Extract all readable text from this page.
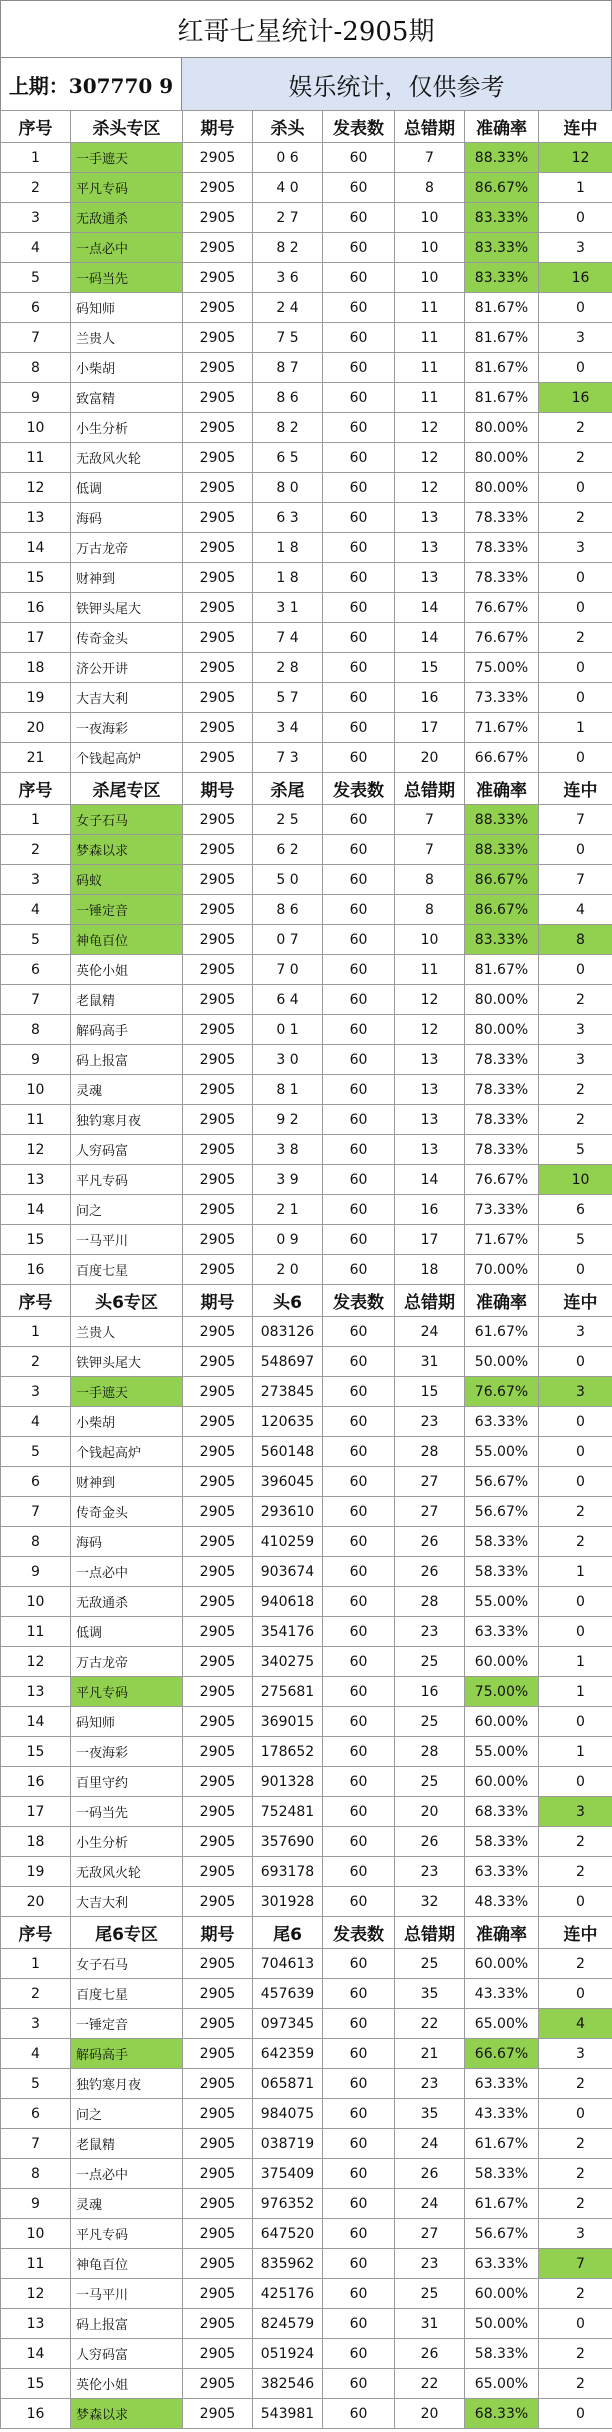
红哥七星统计-2905期
上期：307770 9	娱乐统计，仅供参考
序号	杀头专区	期号	杀头	发表数	总错期	准确率	连中
1	一手遮天	2905	0 6	60	7	88.33%	12
2	平凡专码	2905	4 0	60	8	86.67%	1
3	无敌通杀	2905	2 7	60	10	83.33%	0
4	一点必中	2905	8 2	60	10	83.33%	3
5	一码当先	2905	3 6	60	10	83.33%	16
6	码知师	2905	2 4	60	11	81.67%	0
7	兰贵人	2905	7 5	60	11	81.67%	3
8	小柴胡	2905	8 7	60	11	81.67%	0
9	致富精	2905	8 6	60	11	81.67%	16
10	小生分析	2905	8 2	60	12	80.00%	2
11	无敌风火轮	2905	6 5	60	12	80.00%	2
12	低调	2905	8 0	60	12	80.00%	0
13	海码	2905	6 3	60	13	78.33%	2
14	万古龙帝	2905	1 8	60	13	78.33%	3
15	财神到	2905	1 8	60	13	78.33%	0
16	铁钾头尾大	2905	3 1	60	14	76.67%	0
17	传奇金头	2905	7 4	60	14	76.67%	2
18	济公开讲	2905	2 8	60	15	75.00%	0
19	大吉大利	2905	5 7	60	16	73.33%	0
20	一夜海彩	2905	3 4	60	17	71.67%	1
21	个钱起高炉	2905	7 3	60	20	66.67%	0
序号	杀尾专区	期号	杀尾	发表数	总错期	准确率	连中
1	女子石马	2905	2 5	60	7	88.33%	7
2	梦森以求	2905	6 2	60	7	88.33%	0
3	码蚁	2905	5 0	60	8	86.67%	7
4	一锤定音	2905	8 6	60	8	86.67%	4
5	神龟百位	2905	0 7	60	10	83.33%	8
6	英伦小姐	2905	7 0	60	11	81.67%	0
7	老鼠精	2905	6 4	60	12	80.00%	2
8	解码高手	2905	0 1	60	12	80.00%	3
9	码上报富	2905	3 0	60	13	78.33%	3
10	灵魂	2905	8 1	60	13	78.33%	2
11	独钓寒月夜	2905	9 2	60	13	78.33%	2
12	人穷码富	2905	3 8	60	13	78.33%	5
13	平凡专码	2905	3 9	60	14	76.67%	10
14	问之	2905	2 1	60	16	73.33%	6
15	一马平川	2905	0 9	60	17	71.67%	5
16	百度七星	2905	2 0	60	18	70.00%	0
序号	头6专区	期号	头6	发表数	总错期	准确率	连中
1	兰贵人	2905	083126	60	24	61.67%	3
2	铁钾头尾大	2905	548697	60	31	50.00%	0
3	一手遮天	2905	273845	60	15	76.67%	3
4	小柴胡	2905	120635	60	23	63.33%	0
5	个钱起高炉	2905	560148	60	28	55.00%	0
6	财神到	2905	396045	60	27	56.67%	0
7	传奇金头	2905	293610	60	27	56.67%	2
8	海码	2905	410259	60	26	58.33%	2
9	一点必中	2905	903674	60	26	58.33%	1
10	无敌通杀	2905	940618	60	28	55.00%	0
11	低调	2905	354176	60	23	63.33%	0
12	万古龙帝	2905	340275	60	25	60.00%	1
13	平凡专码	2905	275681	60	16	75.00%	1
14	码知师	2905	369015	60	25	60.00%	0
15	一夜海彩	2905	178652	60	28	55.00%	1
16	百里守约	2905	901328	60	25	60.00%	0
17	一码当先	2905	752481	60	20	68.33%	3
18	小生分析	2905	357690	60	26	58.33%	2
19	无敌风火轮	2905	693178	60	23	63.33%	2
20	大吉大利	2905	301928	60	32	48.33%	0
序号	尾6专区	期号	尾6	发表数	总错期	准确率	连中
1	女子石马	2905	704613	60	25	60.00%	2
2	百度七星	2905	457639	60	35	43.33%	0
3	一锤定音	2905	097345	60	22	65.00%	4
4	解码高手	2905	642359	60	21	66.67%	3
5	独钓寒月夜	2905	065871	60	23	63.33%	2
6	问之	2905	984075	60	35	43.33%	0
7	老鼠精	2905	038719	60	24	61.67%	2
8	一点必中	2905	375409	60	26	58.33%	2
9	灵魂	2905	976352	60	24	61.67%	2
10	平凡专码	2905	647520	60	27	56.67%	3
11	神龟百位	2905	835962	60	23	63.33%	7
12	一马平川	2905	425176	60	25	60.00%	2
13	码上报富	2905	824579	60	31	50.00%	0
14	人穷码富	2905	051924	60	26	58.33%	2
15	英伦小姐	2905	382546	60	22	65.00%	2
16	梦森以求	2905	543981	60	20	68.33%	0
